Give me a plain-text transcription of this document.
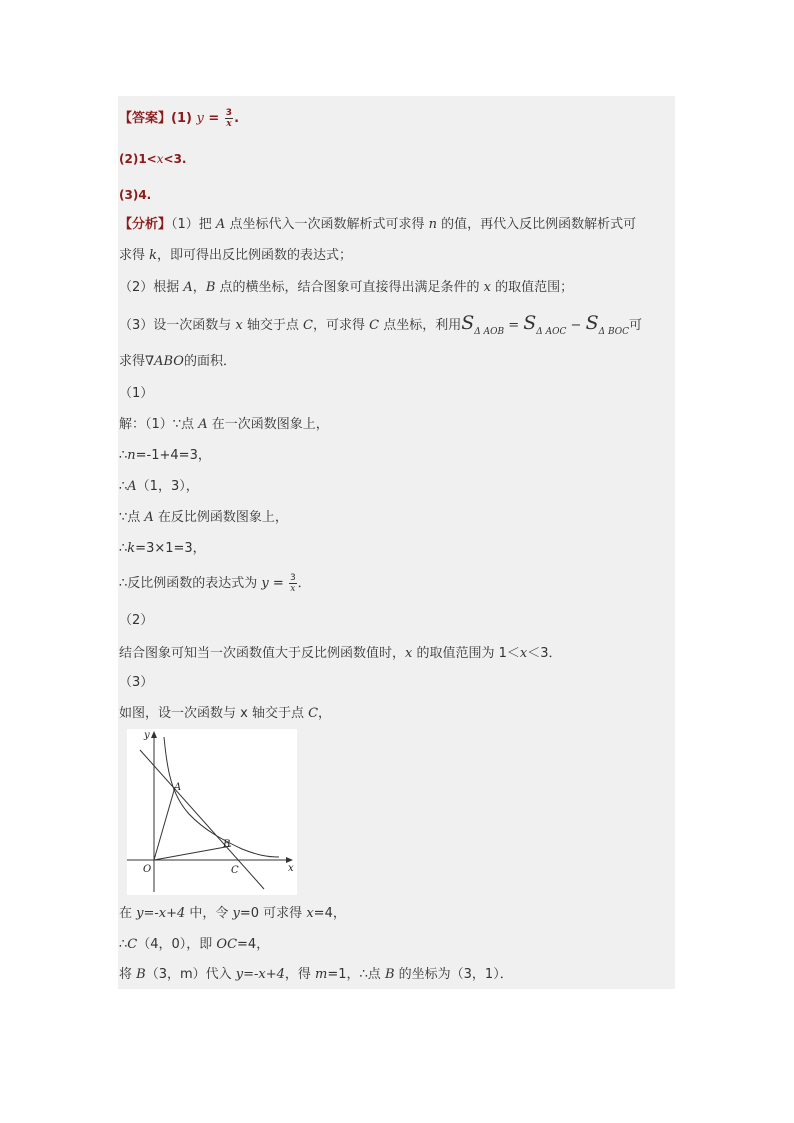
【答案】(1) $y = \frac{3}{x}$ .
(2)1<x<3.
(3)4.
【分析】（1）把 A 点坐标代入一次函数解析式可求得 n 的值，再代入反比例函数解析式可
求得 k，即可得出反比例函数的表达式；
（2）根据 A，B 点的横坐标，结合图象可直接得出满足条件的 x 的取值范围；
（3）设一次函数与 x 轴交于点 C，可求得 C 点坐标，利用$S_{\Delta AOB} = S_{\Delta AOC} - S_{\Delta BOC}$可
求得∇ABO的面积．
（1）
解：（1）∵点 A 在一次函数图象上，
∴n=-1+4=3，
∴A（1，3），
∵点 A 在反比例函数图象上，
∴k=3×1=3，
∴反比例函数的表达式为 $y = \frac{3}{x}$ ．
（2）
结合图象可知当一次函数值大于反比例函数值时，x 的取值范围为 1＜x＜3．
（3）
如图，设一次函数与 x 轴交于点 C，
y
x
O
A
B
C
在 y=-x+4 中，令 y=0 可求得 x=4，
∴C（4，0），即 OC=4，
将 B（3，m）代入 y=-x+4，得 m=1，∴点 B 的坐标为（3，1）．
